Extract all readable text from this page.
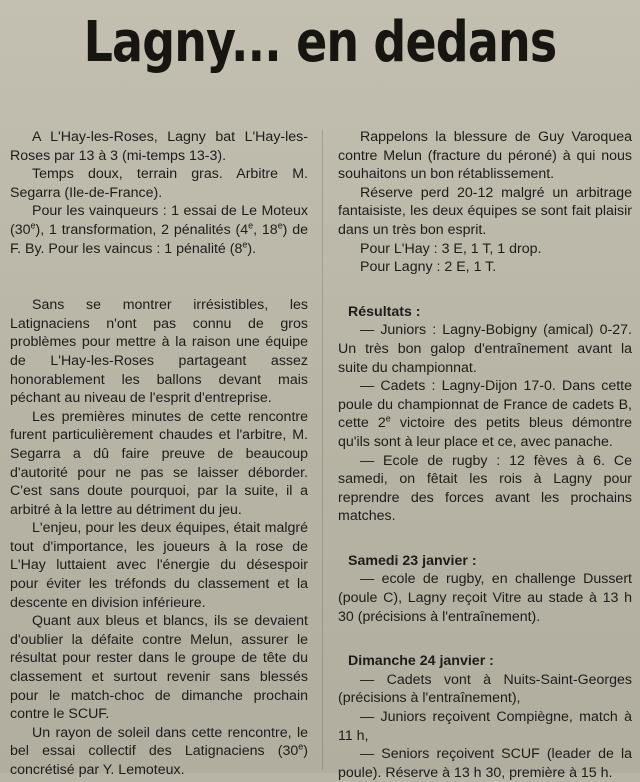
Lagny... en dedans

A L'Hay-les-Roses, Lagny bat L'Hay-les-Roses par 13 à 3 (mi-temps 13-3).

Temps doux, terrain gras. Arbitre M. Segarra (Ile-de-France).

Pour les vainqueurs : 1 essai de Le Moteux (30e), 1 transformation, 2 pénalités (4e, 18e) de F. By. Pour les vaincus : 1 pénalité (8e).

Sans se montrer irrésistibles, les Latignaciens n'ont pas connu de gros problèmes pour mettre à la raison une équipe de L'Hay-les-Roses partageant assez honorablement les ballons devant mais péchant au niveau de l'esprit d'entreprise.

Les premières minutes de cette rencontre furent particulièrement chaudes et l'arbitre, M. Segarra a dû faire preuve de beaucoup d'autorité pour ne pas se laisser déborder. C'est sans doute pourquoi, par la suite, il a arbitré à la lettre au détriment du jeu.

L'enjeu, pour les deux équipes, était malgré tout d'importance, les joueurs à la rose de L'Hay luttaient avec l'énergie du désespoir pour éviter les tréfonds du classement et la descente en division inférieure.

Quant aux bleus et blancs, ils se devaient d'oublier la défaite contre Melun, assurer le résultat pour rester dans le groupe de tête du classement et surtout revenir sans blessés pour le match-choc de dimanche prochain contre le SCUF.

Un rayon de soleil dans cette rencontre, le bel essai collectif des Latignaciens (30e) concrétisé par Y. Lemoteux.

Rappelons la blessure de Guy Varoquea contre Melun (fracture du péroné) à qui nous souhaitons un bon rétablissement.

Réserve perd 20-12 malgré un arbitrage fantaisiste, les deux équipes se sont fait plaisir dans un très bon esprit.

Pour L'Hay : 3 E, 1 T, 1 drop.

Pour Lagny : 2 E, 1 T.

Résultats :

— Juniors : Lagny-Bobigny (amical) 0-27. Un très bon galop d'entraînement avant la suite du championnat.

— Cadets : Lagny-Dijon 17-0. Dans cette poule du championnat de France de cadets B, cette 2e victoire des petits bleus démontre qu'ils sont à leur place et ce, avec panache.

— Ecole de rugby : 12 fèves à 6. Ce samedi, on fêtait les rois à Lagny pour reprendre des forces avant les prochains matches.

Samedi 23 janvier :

— ecole de rugby, en challenge Dussert (poule C), Lagny reçoit Vitre au stade à 13 h 30 (précisions à l'entraînement).

Dimanche 24 janvier :

— Cadets vont à Nuits-Saint-Georges (précisions à l'entraînement),

— Juniors reçoivent Compiègne, match à 11 h,

— Seniors reçoivent SCUF (leader de la poule). Réserve à 13 h 30, première à 15 h.
